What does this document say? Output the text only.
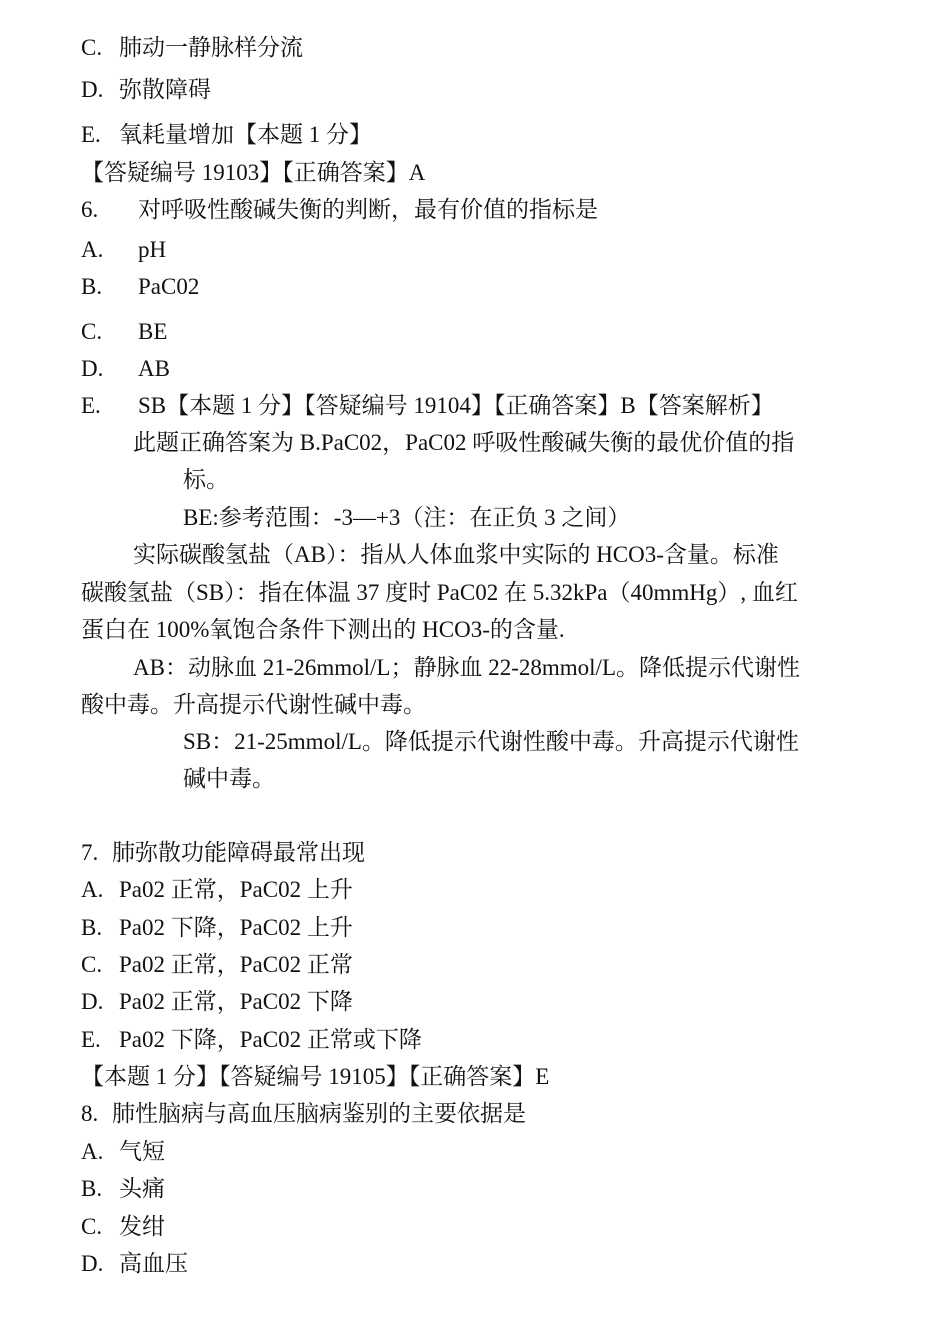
C. 肺动一静脉样分流
D. 弥散障碍
E. 氧耗量增加【本题 1 分】
【答疑编号 19103】【正确答案】A
6. 对呼吸性酸碱失衡的判断，最有价值的指标是
A. pH
B. PaC02
C. BE
D. AB
E. SB【本题 1 分】【答疑编号 19104】【正确答案】B【答案解析】
此题正确答案为 B.PaC02，PaC02 呼吸性酸碱失衡的最优价值的指
标。
BE:参考范围：-3—+3（注：在正负 3 之间）
实际碳酸氢盐（AB）：指从人体血浆中实际的 HCO3-含量。标准
碳酸氢盐（SB）：指在体温 37 度时 PaC02 在 5.32kPa（40mmHg）, 血红
蛋白在 100%氧饱合条件下测出的 HCO3-的含量.
AB：动脉血 21-26mmol/L；静脉血 22-28mmol/L。降低提示代谢性
酸中毒。升高提示代谢性碱中毒。
SB：21-25mmol/L。降低提示代谢性酸中毒。升高提示代谢性
碱中毒。
7. 肺弥散功能障碍最常出现
A. Pa02 正常，PaC02 上升
B. Pa02 下降，PaC02 上升
C. Pa02 正常，PaC02 正常
D. Pa02 正常，PaC02 下降
E. Pa02 下降，PaC02 正常或下降
【本题 1 分】【答疑编号 19105】【正确答案】E
8. 肺性脑病与高血压脑病鉴别的主要依据是
A. 气短
B. 头痛
C. 发绀
D. 高血压
